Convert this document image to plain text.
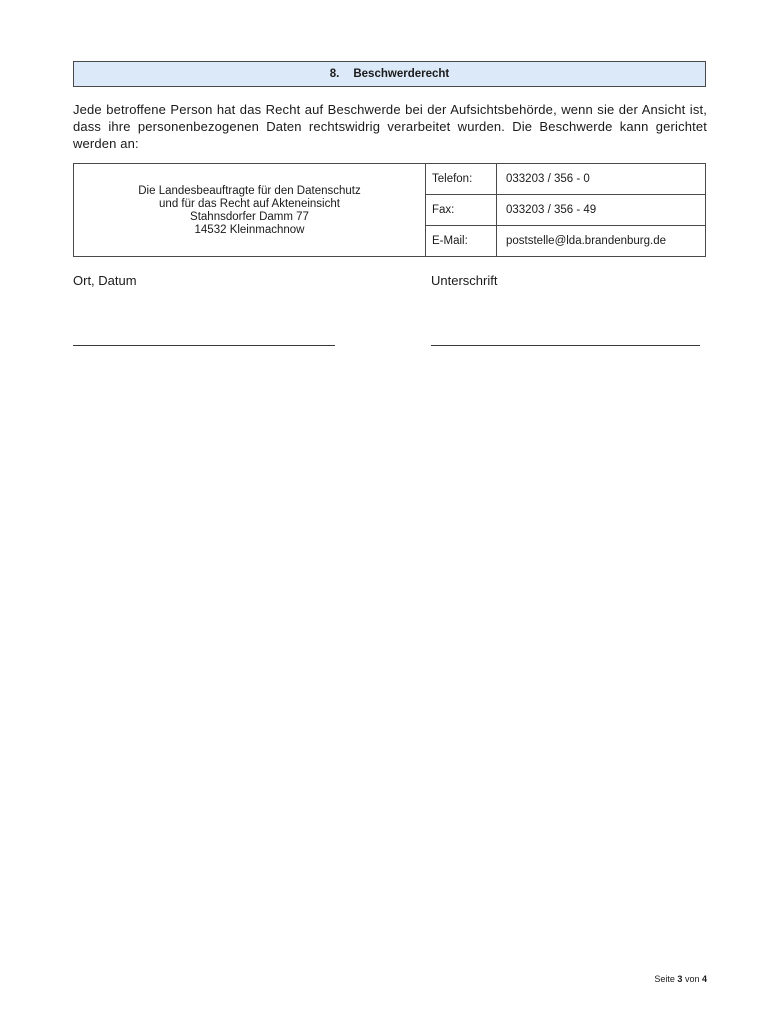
8. Beschwerderecht

Jede betroffene Person hat das Recht auf Beschwerde bei der Aufsichtsbehörde, wenn sie der Ansicht ist, dass ihre personenbezogenen Daten rechtswidrig verarbeitet wurden. Die Beschwerde kann gerichtet werden an:

Die Landesbeauftragte für den Datenschutz
und für das Recht auf Akteneinsicht
Stahnsdorfer Damm 77
14532 Kleinmachnow	Telefon:	033203 / 356 - 0
	Fax:	033203 / 356 - 49
	E-Mail:	poststelle@lda.brandenburg.de
Ort, Datum	Unterschrift
Seite 3 von 4
